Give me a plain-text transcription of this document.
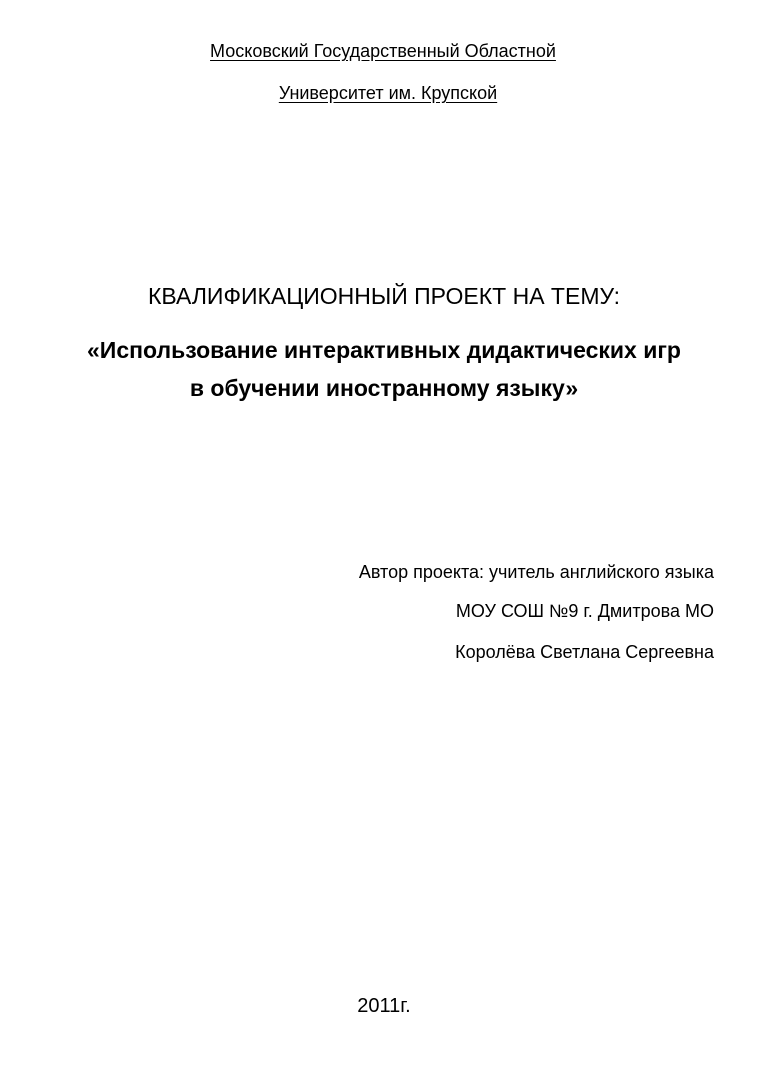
Московский Государственный Областной
Университет им. Крупской
КВАЛИФИКАЦИОННЫЙ ПРОЕКТ НА ТЕМУ:
«Использование интерактивных дидактических игр
в обучении иностранному языку»
Автор проекта: учитель английского языка
МОУ СОШ №9 г. Дмитрова МО
Королёва Светлана Сергеевна
2011г.
